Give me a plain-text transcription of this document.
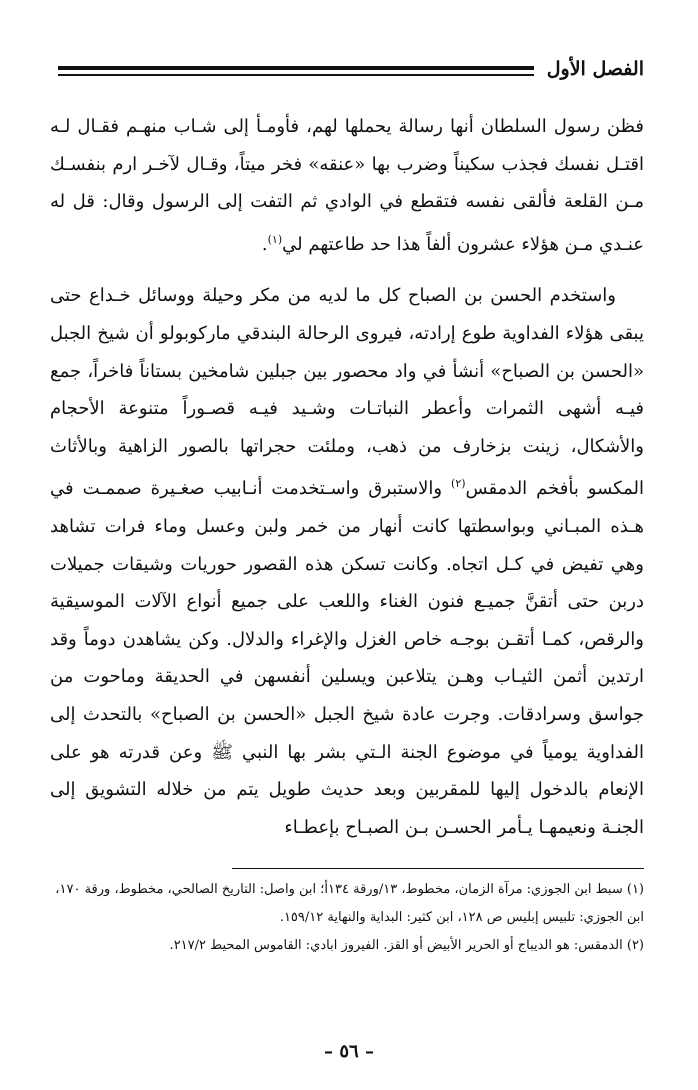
الفصل الأول

فظن رسول السلطان أنها رسالة يحملها لهم، فأومـأ إلى شـاب منهـم فقـال لـه اقتـل نفسك فجذب سكيناً وضرب بها «عنقه» فخر ميتاً، وقـال لآخـر ارم بنفسـك مـن القلعة فألقى نفسه فتقطع في الوادي ثم التفت إلى الرسول وقال: قل له عنـدي مـن هؤلاء عشرون ألفاً هذا حد طاعتهم لي$^{(١)}$.

واستخدم الحسن بن الصباح كل ما لديه من مكر وحيلة ووسائل خـداع حتى يبقى هؤلاء الفداوية طوع إرادته، فيروى الرحالة البندقي ماركوبولو أن شيخ الجبل «الحسن بن الصباح» أنشأ في واد محصور بين جبلين شامخين بستاناً فاخراً، جمع فيـه أشهى الثمرات وأعطر النباتـات وشـيد فيـه قصـوراً متنوعة الأحجام والأشكال، زينت بزخارف من ذهب، وملئت حجراتها بالصور الزاهية وبالأثاث المكسو بأفخم الدمقس$^{(٢)}$ والاستبرق واسـتخدمت أنـابيب صغـيرة صممـت في هـذه المبـاني وبواسطتها كانت أنهار من خمر ولبن وعسل وماء فرات تشاهد وهي تفيض في كـل اتجاه. وكانت تسكن هذه القصور حوريات وشيقات جميلات دربن حتى أتقنَّ جميـع فنون الغناء واللعب على جميع أنواع الآلات الموسيقية والرقص، كمـا أتقـن بوجـه خاص الغزل والإغراء والدلال. وكن يشاهدن دوماً وقد ارتدين أثمن الثيـاب وهـن يتلاعبن ويسلين أنفسهن في الحديقة وماحوت من جواسق وسرادقات. وجرت عادة شيخ الجبل «الحسن بن الصباح» بالتحدث إلى الفداوية يومياً في موضوع الجنة الـتي بشر بها النبي ﷺ وعن قدرته هو على الإنعام بالدخول إليها للمقربين وبعد حديث طويل يتم من خلاله التشويق إلى الجنـة ونعيمهـا يـأمر الحسـن بـن الصبـاح بإعطـاء

(١) سبط ابن الجوزي: مرآة الزمان، مخطوط، ١٣/ورقة ١٣٤أ؛ ابن واصل: التاريخ الصالحي، مخطوط، ورقة ١٧٠، ابن الجوزي: تلبيس إبليس ص ١٢٨، ابن كثير: البداية والنهاية ١٥٩/١٢.

(٢) الدمقس: هو الديباج أو الحرير الأبيض أو القز. الفيروز ابادي: القاموس المحيط ٢١٧/٢.

– ٥٦ –
